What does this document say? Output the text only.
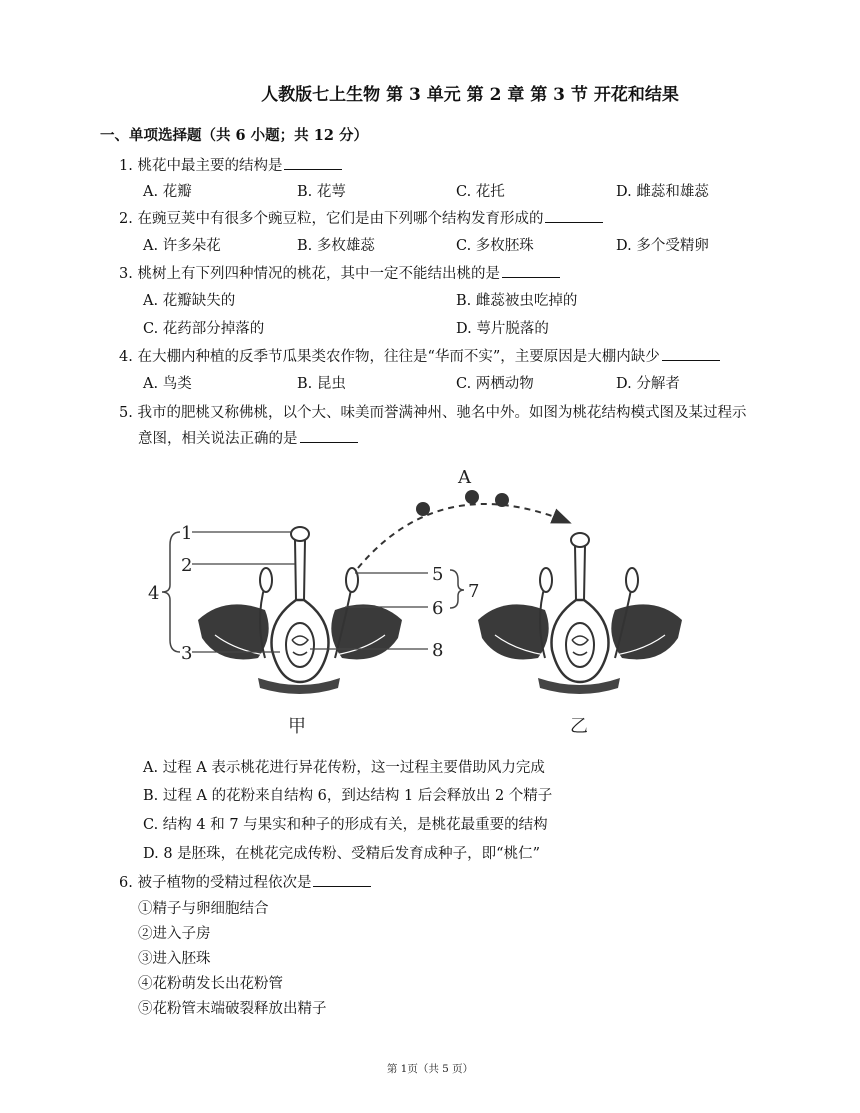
人教版七上生物 第 3 单元 第 2 章 第 3 节 开花和结果
一、单项选择题（共 6 小题；共 12 分）
1. 桃花中最主要的结构是
A. 花瓣	B. 花萼	C. 花托	D. 雌蕊和雄蕊
2. 在豌豆荚中有很多个豌豆粒，它们是由下列哪个结构发育形成的
A. 许多朵花	B. 多枚雄蕊	C. 多枚胚珠	D. 多个受精卵
3. 桃树上有下列四种情况的桃花，其中一定不能结出桃的是
A. 花瓣缺失的	B. 雌蕊被虫吃掉的
C. 花药部分掉落的	D. 萼片脱落的
4. 在大棚内种植的反季节瓜果类农作物，往往是“华而不实”，主要原因是大棚内缺少
A. 鸟类	B. 昆虫	C. 两栖动物	D. 分解者
5. 我市的肥桃又称佛桃，以个大、味美而誉满神州、驰名中外。如图为桃花结构模式图及某过程示
意图，相关说法正确的是
1
2
3
4
5
6
7
8
A
甲	乙
A. 过程 A 表示桃花进行异花传粉，这一过程主要借助风力完成
B. 过程 A 的花粉来自结构 6，到达结构 1 后会释放出 2 个精子
C. 结构 4 和 7 与果实和种子的形成有关，是桃花最重要的结构
D. 8 是胚珠，在桃花完成传粉、受精后发育成种子，即“桃仁”
6. 被子植物的受精过程依次是
①精子与卵细胞结合
②进入子房
③进入胚珠
④花粉萌发长出花粉管
⑤花粉管末端破裂释放出精子
第 1页（共 5 页）
